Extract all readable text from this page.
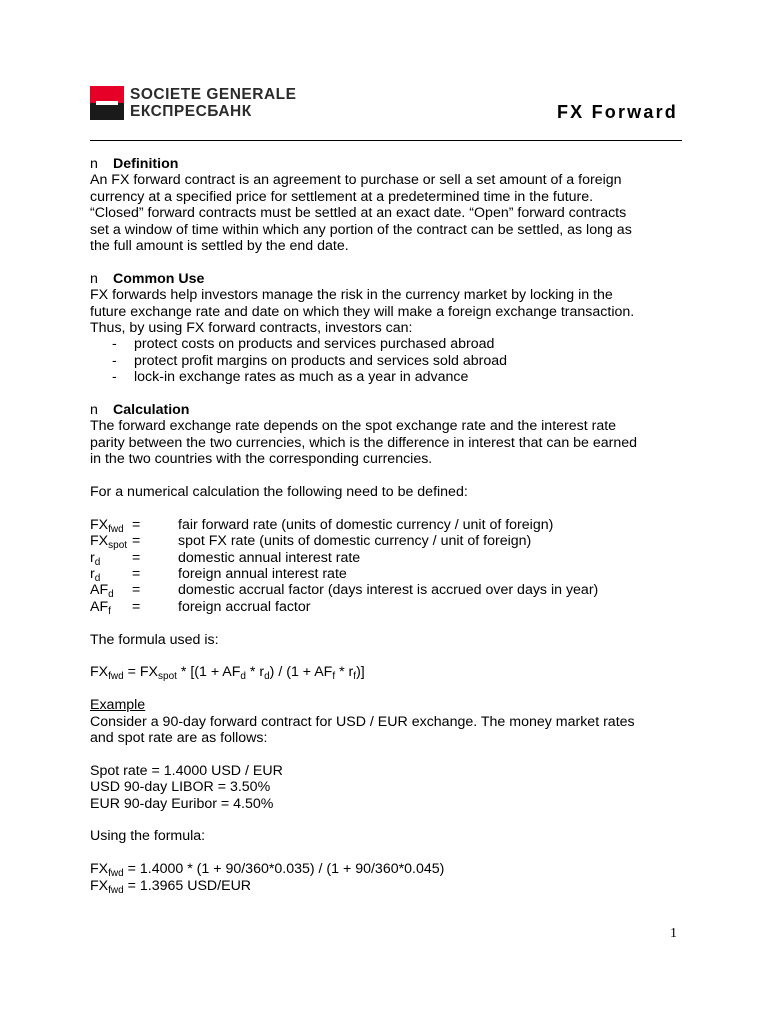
SOCIETE GENERALE
ЕКСПРЕСБАНК	FX Forward

n Definition

An FX forward contract is an agreement to purchase or sell a set amount of a foreign

currency at a specified price for settlement at a predetermined time in the future.

“Closed” forward contracts must be settled at an exact date. “Open” forward contracts

set a window of time within which any portion of the contract can be settled, as long as

the full amount is settled by the end date.

n Common Use

FX forwards help investors manage the risk in the currency market by locking in the

future exchange rate and date on which they will make a foreign exchange transaction.

Thus, by using FX forward contracts, investors can:

- protect costs on products and services purchased abroad
- protect profit margins on products and services sold abroad
- lock-in exchange rates as much as a year in advance

n Calculation

The forward exchange rate depends on the spot exchange rate and the interest rate

parity between the two currencies, which is the difference in interest that can be earned

in the two countries with the corresponding currencies.

For a numerical calculation the following need to be defined:

$FX_{fwd}$ =	fair forward rate (units of domestic currency / unit of foreign)
$FX_{spot}$ =	spot FX rate (units of domestic currency / unit of foreign)
$r_d$ =	domestic annual interest rate
$r_d$ =	foreign annual interest rate
$AF_d$ =	domestic accrual factor (days interest is accrued over days in year)
$AF_f$ =	foreign accrual factor

The formula used is:

$FX_{fwd} = FX_{spot} * [(1 + AF_d * r_d) / (1 + AF_f * r_f)]$

Example

Consider a 90-day forward contract for USD / EUR exchange. The money market rates

and spot rate are as follows:

Spot rate = 1.4000 USD / EUR

USD 90-day LIBOR = 3.50%

EUR 90-day Euribor = 4.50%

Using the formula:

$FX_{fwd} = 1.4000 * (1 + 90/360*0.035) / (1 + 90/360*0.045)$

$FX_{fwd} = 1.3965$ USD/EUR

1
